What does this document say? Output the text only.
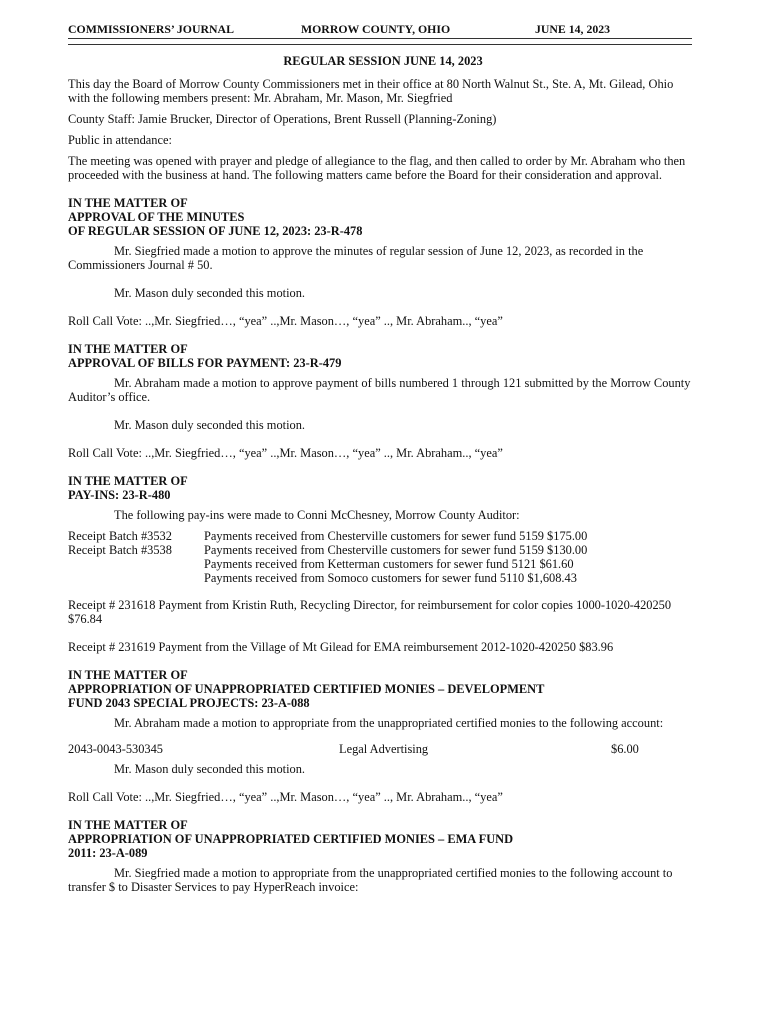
COMMISSIONERS’ JOURNAL	MORROW COUNTY, OHIO	JUNE 14, 2023
REGULAR SESSION JUNE 14, 2023

This day the Board of Morrow County Commissioners met in their office at 80 North Walnut St., Ste. A, Mt. Gilead, Ohio with the following members present: Mr. Abraham, Mr. Mason, Mr. Siegfried

County Staff: Jamie Brucker, Director of Operations, Brent Russell (Planning-Zoning)

Public in attendance:

The meeting was opened with prayer and pledge of allegiance to the flag, and then called to order by Mr. Abraham who then proceeded with the business at hand. The following matters came before the Board for their consideration and approval.

IN THE MATTER OF
APPROVAL OF THE MINUTES
OF REGULAR SESSION OF JUNE 12, 2023: 23-R-478

Mr. Siegfried made a motion to approve the minutes of regular session of June 12, 2023, as recorded in the Commissioners Journal # 50.

Mr. Mason duly seconded this motion.

Roll Call Vote: ..,Mr. Siegfried…, “yea” ..,Mr. Mason…, “yea” .., Mr. Abraham.., “yea”
IN THE MATTER OF
APPROVAL OF BILLS FOR PAYMENT: 23-R-479

Mr. Abraham made a motion to approve payment of bills numbered 1 through 121 submitted by the Morrow County Auditor’s office.

Mr. Mason duly seconded this motion.

Roll Call Vote: ..,Mr. Siegfried…, “yea” ..,Mr. Mason…, “yea” .., Mr. Abraham.., “yea”
IN THE MATTER OF
PAY-INS: 23-R-480

The following pay-ins were made to Conni McChesney, Morrow County Auditor:

Receipt Batch #3532	Payments received from Chesterville customers for sewer fund 5159 $175.00
Receipt Batch #3538	Payments received from Chesterville customers for sewer fund 5159 $130.00
Payments received from Ketterman customers for sewer fund 5121 $61.60
Payments received from Somoco customers for sewer fund 5110 $1,608.43

Receipt # 231618 Payment from Kristin Ruth, Recycling Director, for reimbursement for color copies 1000-1020-420250 $76.84

Receipt # 231619 Payment from the Village of Mt Gilead for EMA reimbursement 2012-1020-420250 $83.96

IN THE MATTER OF
APPROPRIATION OF UNAPPROPRIATED CERTIFIED MONIES – DEVELOPMENT
FUND 2043 SPECIAL PROJECTS: 23-A-088

Mr. Abraham made a motion to appropriate from the unappropriated certified monies to the following account:

2043-0043-530345	Legal Advertising	$6.00

Mr. Mason duly seconded this motion.

Roll Call Vote: ..,Mr. Siegfried…, “yea” ..,Mr. Mason…, “yea” .., Mr. Abraham.., “yea”
IN THE MATTER OF
APPROPRIATION OF UNAPPROPRIATED CERTIFIED MONIES – EMA FUND
2011: 23-A-089

Mr. Siegfried made a motion to appropriate from the unappropriated certified monies to the following account to transfer $ to Disaster Services to pay HyperReach invoice:
